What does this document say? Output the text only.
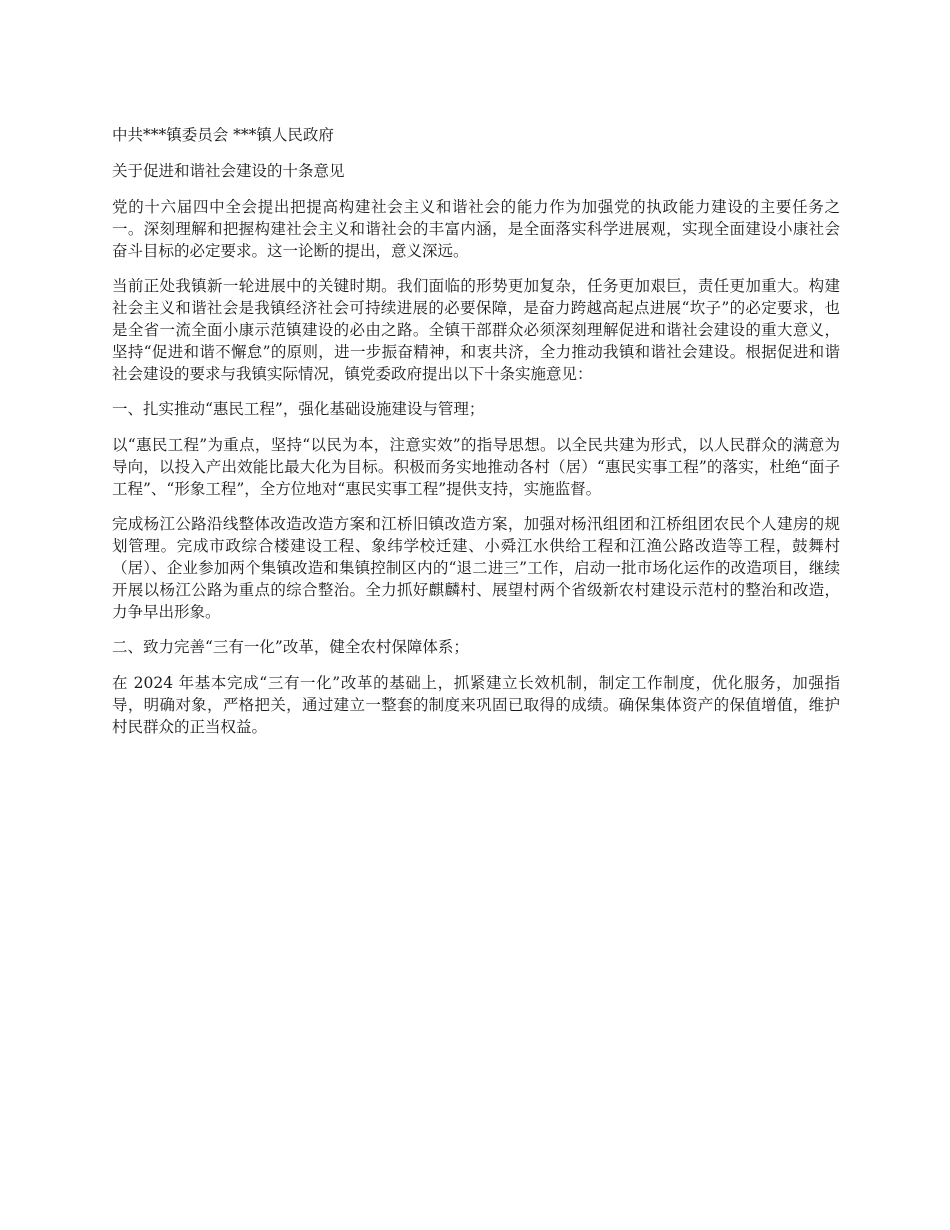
中共***镇委员会 ***镇人民政府

关于促进和谐社会建设的十条意见

党的十六届四中全会提出把提高构建社会主义和谐社会的能力作为加强党的执政能力建设的主要任务之一。深刻理解和把握构建社会主义和谐社会的丰富内涵，是全面落实科学进展观，实现全面建设小康社会奋斗目标的必定要求。这一论断的提出，意义深远。

当前正处我镇新一轮进展中的关键时期。我们面临的形势更加复杂，任务更加艰巨，责任更加重大。构建社会主义和谐社会是我镇经济社会可持续进展的必要保障，是奋力跨越高起点进展“坎子”的必定要求，也是全省一流全面小康示范镇建设的必由之路。全镇干部群众必须深刻理解促进和谐社会建设的重大意义，坚持“促进和谐不懈怠”的原则，进一步振奋精神，和衷共济，全力推动我镇和谐社会建设。根据促进和谐社会建设的要求与我镇实际情况，镇党委政府提出以下十条实施意见：

一、扎实推动“惠民工程”，强化基础设施建设与管理；

以“惠民工程”为重点，坚持“以民为本，注意实效”的指导思想。以全民共建为形式，以人民群众的满意为导向，以投入产出效能比最大化为目标。积极而务实地推动各村（居）“惠民实事工程”的落实，杜绝“面子工程”、“形象工程”，全方位地对“惠民实事工程”提供支持，实施监督。

完成杨江公路沿线整体改造改造方案和江桥旧镇改造方案，加强对杨汛组团和江桥组团农民个人建房的规划管理。完成市政综合楼建设工程、象纬学校迁建、小舜江水供给工程和江渔公路改造等工程，鼓舞村（居）、企业参加两个集镇改造和集镇控制区内的“退二进三”工作，启动一批市场化运作的改造项目，继续开展以杨江公路为重点的综合整治。全力抓好麒麟村、展望村两个省级新农村建设示范村的整治和改造，力争早出形象。

二、致力完善“三有一化”改革，健全农村保障体系；

在 2024 年基本完成“三有一化”改革的基础上，抓紧建立长效机制，制定工作制度，优化服务，加强指导，明确对象，严格把关，通过建立一整套的制度来巩固已取得的成绩。确保集体资产的保值增值，维护村民群众的正当权益。
